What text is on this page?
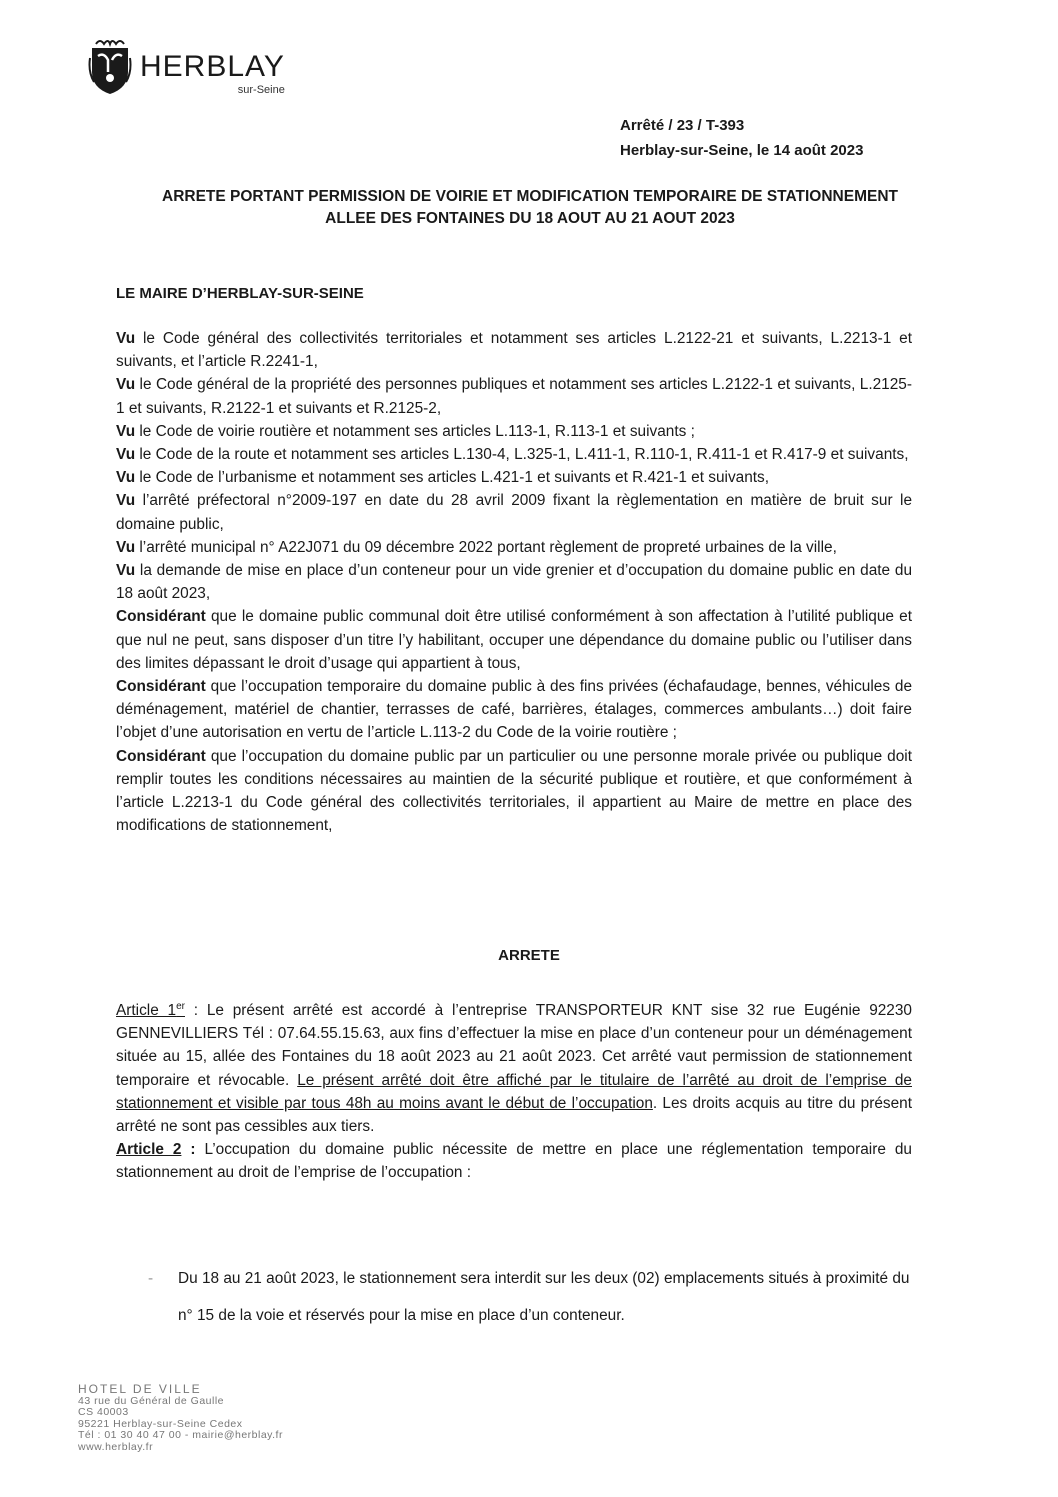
HERBLAY
sur-Seine
Arrêté / 23 / T-393
Herblay-sur-Seine, le 14 août 2023
ARRETE PORTANT PERMISSION DE VOIRIE ET MODIFICATION TEMPORAIRE DE STATIONNEMENT
ALLEE DES FONTAINES DU 18 AOUT AU 21 AOUT 2023
LE MAIRE D’HERBLAY-SUR-SEINE

Vu le Code général des collectivités territoriales et notamment ses articles L.2122-21 et suivants, L.2213-1 et suivants, et l’article R.2241-1,

Vu le Code général de la propriété des personnes publiques et notamment ses articles L.2122-1 et suivants, L.2125-1 et suivants, R.2122-1 et suivants et R.2125-2,

Vu le Code de voirie routière et notamment ses articles L.113-1, R.113-1 et suivants ;

Vu le Code de la route et notamment ses articles L.130-4, L.325-1, L.411-1, R.110-1, R.411-1 et R.417-9 et suivants,

Vu le Code de l’urbanisme et notamment ses articles L.421-1 et suivants et R.421-1 et suivants,

Vu l’arrêté préfectoral n°2009-197 en date du 28 avril 2009 fixant la règlementation en matière de bruit sur le domaine public,

Vu l’arrêté municipal n° A22J071 du 09 décembre 2022 portant règlement de propreté urbaines de la ville,

Vu la demande de mise en place d’un conteneur pour un vide grenier et d’occupation du domaine public en date du 18 août 2023,

Considérant que le domaine public communal doit être utilisé conformément à son affectation à l’utilité publique et que nul ne peut, sans disposer d’un titre l’y habilitant, occuper une dépendance du domaine public ou l’utiliser dans des limites dépassant le droit d’usage qui appartient à tous,

Considérant que l’occupation temporaire du domaine public à des fins privées (échafaudage, bennes, véhicules de déménagement, matériel de chantier, terrasses de café, barrières, étalages, commerces ambulants…) doit faire l’objet d’une autorisation en vertu de l’article L.113-2 du Code de la voirie routière ;

Considérant que l’occupation du domaine public par un particulier ou une personne morale privée ou publique doit remplir toutes les conditions nécessaires au maintien de la sécurité publique et routière, et que conformément à l’article L.2213-1 du Code général des collectivités territoriales, il appartient au Maire de mettre en place des modifications de stationnement,

ARRETE

Article 1er : Le présent arrêté est accordé à l’entreprise TRANSPORTEUR KNT sise 32 rue Eugénie 92230 GENNEVILLIERS Tél : 07.64.55.15.63, aux fins d’effectuer la mise en place d’un conteneur pour un déménagement située au 15, allée des Fontaines du 18 août 2023 au 21 août 2023. Cet arrêté vaut permission de stationnement temporaire et révocable. Le présent arrêté doit être affiché par le titulaire de l’arrêté au droit de l’emprise de stationnement et visible par tous 48h au moins avant le début de l’occupation. Les droits acquis au titre du présent arrêté ne sont pas cessibles aux tiers.

Article 2 : L’occupation du domaine public nécessite de mettre en place une réglementation temporaire du stationnement au droit de l’emprise de l’occupation :

- Du 18 au 21 août 2023, le stationnement sera interdit sur les deux (02) emplacements situés à proximité du n° 15 de la voie et réservés pour la mise en place d’un conteneur.
HOTEL DE VILLE
43 rue du Général de Gaulle
CS 40003
95221 Herblay-sur-Seine Cedex
Tél : 01 30 40 47 00 - mairie@herblay.fr
www.herblay.fr
